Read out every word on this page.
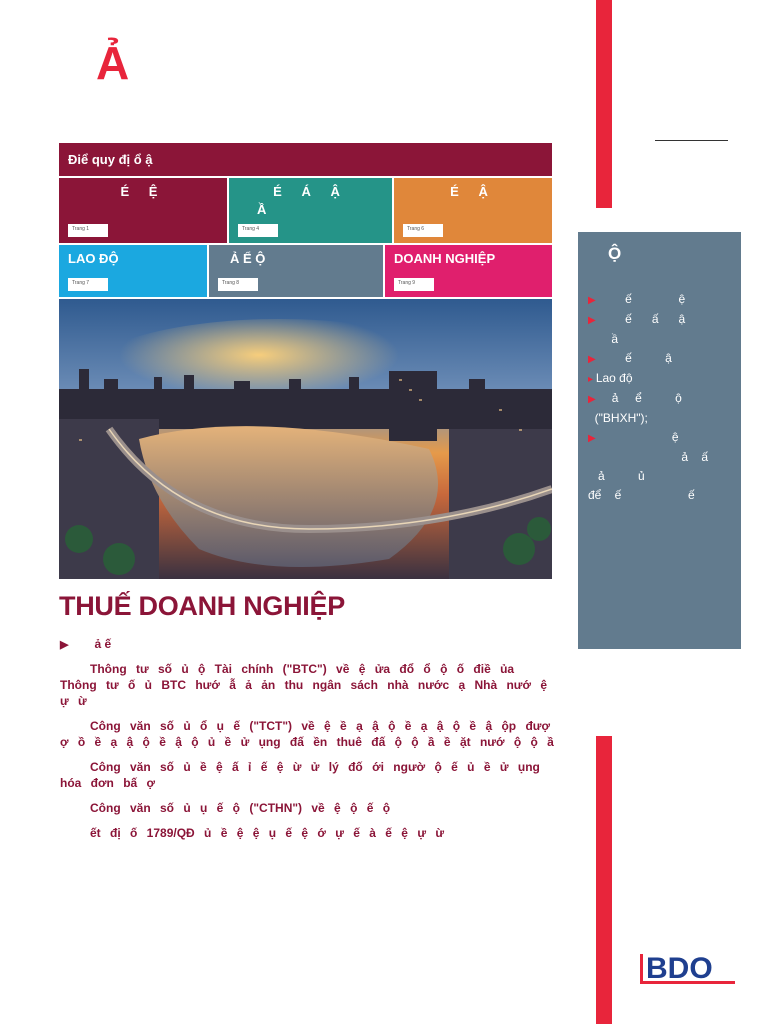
Ả
Điể quy đị ổ ậ
É Ệ
Trang 1
É Á Ậ
Ầ
Trang 4
É Ậ
Trang 6
LAO ĐỘ
Trang 7
Ả Ể Ộ
Trang 8
DOANH NGHIỆP
Trang 9
THUẾ DOANH NGHIỆP
▶ ả ế

Thông tư số ủ ộ Tài chính ("BTC") về ệ ửa đổ ổ ộ ố điề ủa Thông tư ố ủ BTC hướ ẫ ả ản thu ngân sách nhà nước ạ Nhà nướ ệ ự ừ

Công văn số ủ ổ ụ ế ("TCT") về ệ ề ạ ậ ộ ề ạ ậ ộ ề ậ ộp đượ ợ ồ ề ạ ậ ộ ề ậ ộ ủ ề ử ụng đấ ền thuê đấ ộ ộ ầ ề ặt nướ ộ ộ ầ

Công văn số ủ ề ệ ấ ỉ ế ệ ừ ử lý đố ới ngườ ộ ế ủ ề ử ụng hóa đơn bấ ợ

Công văn số ủ ụ ế ộ ("CTHN") về ệ ộ ế ộ

ết đị ố 1789/QĐ ủ ề ệ ệ ụ ế ệ ớ ự ế à ế ệ ự ừ

Ộ
▶         ế              ệ
▶         ế      ấ      ậ
ầ
▶         ế          ậ
▸ Lao độ
▶     ả     ể          ộ
("BHXH");
▶                       ệ
ả    ấ
ả          ủ
để    ế                    ế
BDO
